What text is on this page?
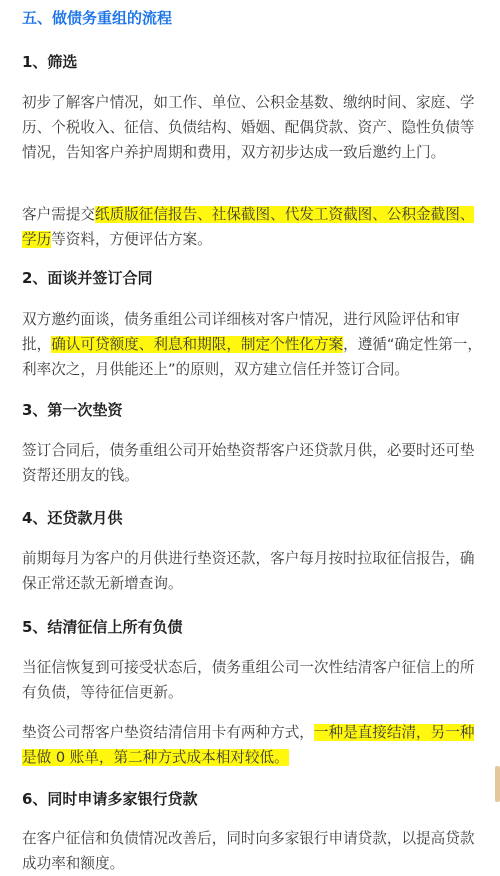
五、做债务重组的流程
1、筛选

初步了解客户情况，如工作、单位、公积金基数、缴纳时间、家庭、学历、个税收入、征信、负债结构、婚姻、配偶贷款、资产、隐性负债等情况，告知客户养护周期和费用，双方初步达成一致后邀约上门。

客户需提交纸质版征信报告、社保截图、代发工资截图、公积金截图、学历等资料，方便评估方案。

2、面谈并签订合同

双方邀约面谈，债务重组公司详细核对客户情况，进行风险评估和审批，确认可贷额度、利息和期限，制定个性化方案，遵循“确定性第一，利率次之，月供能还上”的原则，双方建立信任并签订合同。

3、第一次垫资

签订合同后，债务重组公司开始垫资帮客户还贷款月供，必要时还可垫资帮还朋友的钱。

4、还贷款月供

前期每月为客户的月供进行垫资还款，客户每月按时拉取征信报告，确保正常还款无新增查询。

5、结清征信上所有负债

当征信恢复到可接受状态后，债务重组公司一次性结清客户征信上的所有负债，等待征信更新。

垫资公司帮客户垫资结清信用卡有两种方式，一种是直接结清，另一种是做 0 账单，第二种方式成本相对较低。

6、同时申请多家银行贷款

在客户征信和负债情况改善后，同时向多家银行申请贷款，以提高贷款成功率和额度。
